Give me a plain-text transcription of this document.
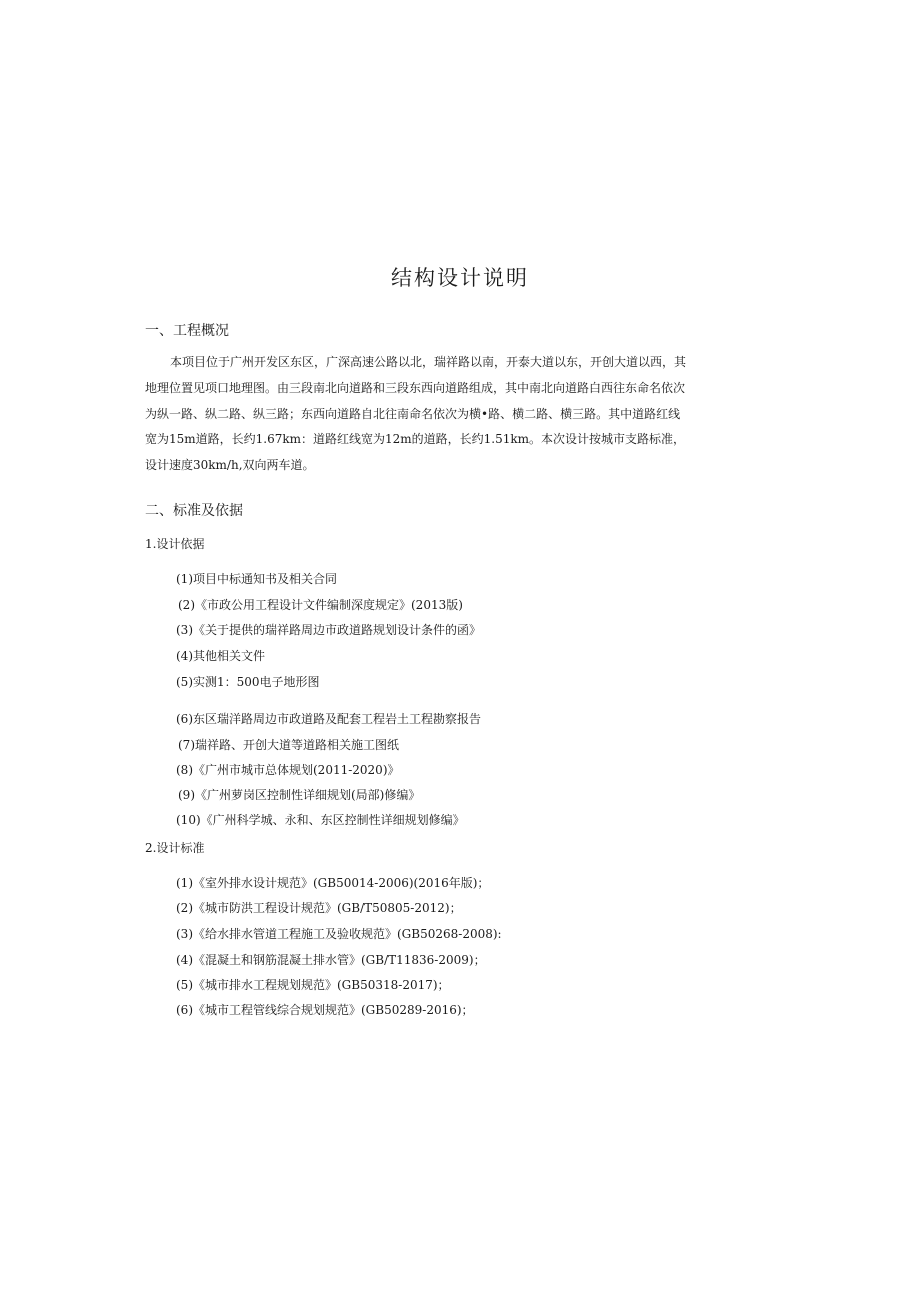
结构设计说明
一、工程概况
本项目位于广州开发区东区，广深高速公路以北，瑞祥路以南，开泰大道以东，开创大道以西，其
地理位置见项口地理图。由三段南北向道路和三段东西向道路组成，其中南北向道路白西往东命名依次
为纵一路、纵二路、纵三路；东西向道路自北往南命名依次为横•路、横二路、横三路。其中道路红线
宽为15m道路，长约1.67km：道路红线宽为12m的道路，长约1.51km。本次设计按城市支路标准，
设计速度30km/h,双向两车道。
二、标准及依据
1.设计依据
(1)项目中标通知书及相关合同
(2)《市政公用工程设计文件编制深度规定》(2013版)
(3)《关于提供的瑞祥路周边市政道路规划设计条件的函》
(4)其他相关文件
(5)实测1：500电子地形图
(6)东区瑞洋路周边市政道路及配套工程岩土工程勘察报告
(7)瑞祥路、开创大道等道路相关施工图纸
(8)《广州市城市总体规划(2011-2020)》
(9)《广州萝岗区控制性详细规划(局部)修编》
(10)《广州科学城、永和、东区控制性详细规划修编》
2.设计标准
(1)《室外排水设计规范》(GB50014-2006)(2016年版)；
(2)《城市防洪工程设计规范》(GB/T50805-2012)；
(3)《给水排水管道工程施工及验收规范》(GB50268-2008):
(4)《混凝土和钢筋混凝土排水管》(GB/T11836-2009)；
(5)《城市排水工程规划规范》(GB50318-2017)；
(6)《城市工程管线综合规划规范》(GB50289-2016)；
